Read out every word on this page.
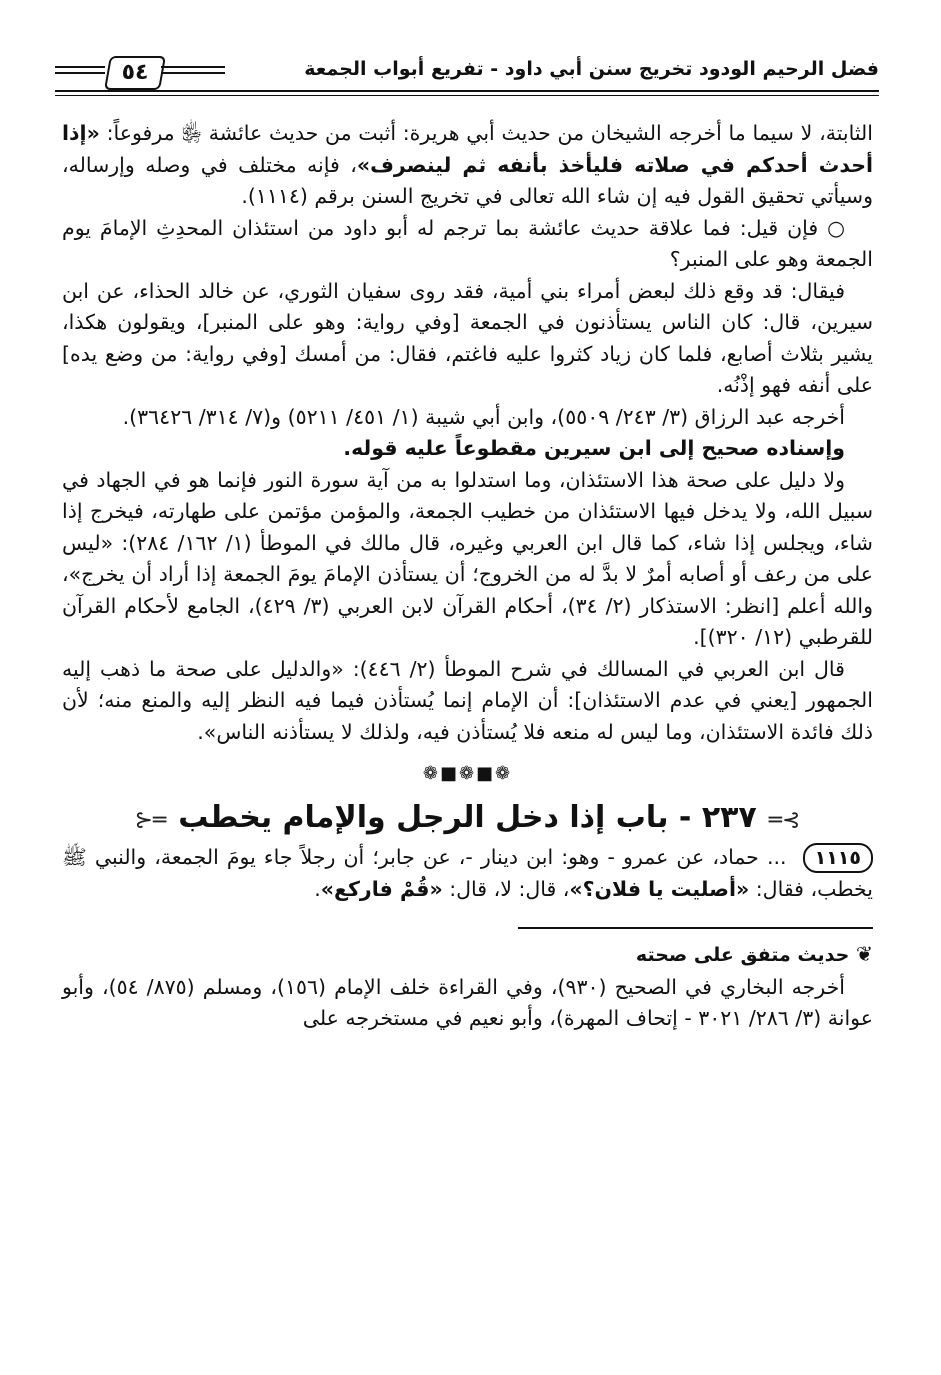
٥٤	فضل الرحيم الودود تخريج سنن أبي داود - تفريع أبواب الجمعة

الثابتة، لا سيما ما أخرجه الشيخان من حديث أبي هريرة: أثبت من حديث عائشة ﵂ مرفوعاً: «إذا أحدث أحدكم في صلاته فليأخذ بأنفه ثم لينصرف»، فإنه مختلف في وصله وإرساله، وسيأتي تحقيق القول فيه إن شاء الله تعالى في تخريج السنن برقم (١١١٤).

○ فإن قيل: فما علاقة حديث عائشة بما ترجم له أبو داود من استئذان المحدِثِ الإمامَ يوم الجمعة وهو على المنبر؟

فيقال: قد وقع ذلك لبعض أمراء بني أمية، فقد روى سفيان الثوري، عن خالد الحذاء، عن ابن سيرين، قال: كان الناس يستأذنون في الجمعة [وفي رواية: وهو على المنبر]، ويقولون هكذا، يشير بثلاث أصابع، فلما كان زياد كثروا عليه فاغتم، فقال: من أمسك [وفي رواية: من وضع يده] على أنفه فهو إذْنُه.

أخرجه عبد الرزاق (٣/ ٢٤٣/ ٥٥٠٩)، وابن أبي شيبة (١/ ٤٥١/ ٥٢١١) و(٧/ ٣١٤/ ٣٦٤٢٦).

وإسناده صحيح إلى ابن سيرين مقطوعاً عليه قوله.

ولا دليل على صحة هذا الاستئذان، وما استدلوا به من آية سورة النور فإنما هو في الجهاد في سبيل الله، ولا يدخل فيها الاستئذان من خطيب الجمعة، والمؤمن مؤتمن على طهارته، فيخرج إذا شاء، ويجلس إذا شاء، كما قال ابن العربي وغيره، قال مالك في الموطأ (١/ ١٦٢/ ٢٨٤): «ليس على من رعف أو أصابه أمرٌ لا بدَّ له من الخروج؛ أن يستأذن الإمامَ يومَ الجمعة إذا أراد أن يخرج»، والله أعلم [انظر: الاستذكار (٢/ ٣٤)، أحكام القرآن لابن العربي (٣/ ٤٢٩)، الجامع لأحكام القرآن للقرطبي (١٢/ ٣٢٠)].

قال ابن العربي في المسالك في شرح الموطأ (٢/ ٤٤٦): «والدليل على صحة ما ذهب إليه الجمهور [يعني في عدم الاستئذان]: أن الإمام إنما يُستأذن فيما فيه النظر إليه والمنع منه؛ لأن ذلك فائدة الاستئذان، وما ليس له منعه فلا يُستأذن فيه، ولذلك لا يستأذنه الناس».

❁■❁■❁
⊱═٢٣٧ - باب إذا دخل الرجل والإمام يخطب═⊰

١١١٥ ... حماد، عن عمرو - وهو: ابن دينار -، عن جابر؛ أن رجلاً جاء يومَ الجمعة، والنبي ﷺ يخطب، فقال: «أصليت يا فلان؟»، قال: لا، قال: «قُمْ فاركع».

❦ حديث متفق على صحته

أخرجه البخاري في الصحيح (٩٣٠)، وفي القراءة خلف الإمام (١٥٦)، ومسلم (٨٧٥/ ٥٤)، وأبو عوانة (٣/ ٢٨٦/ ٣٠٢١ - إتحاف المهرة)، وأبو نعيم في مستخرجه على
